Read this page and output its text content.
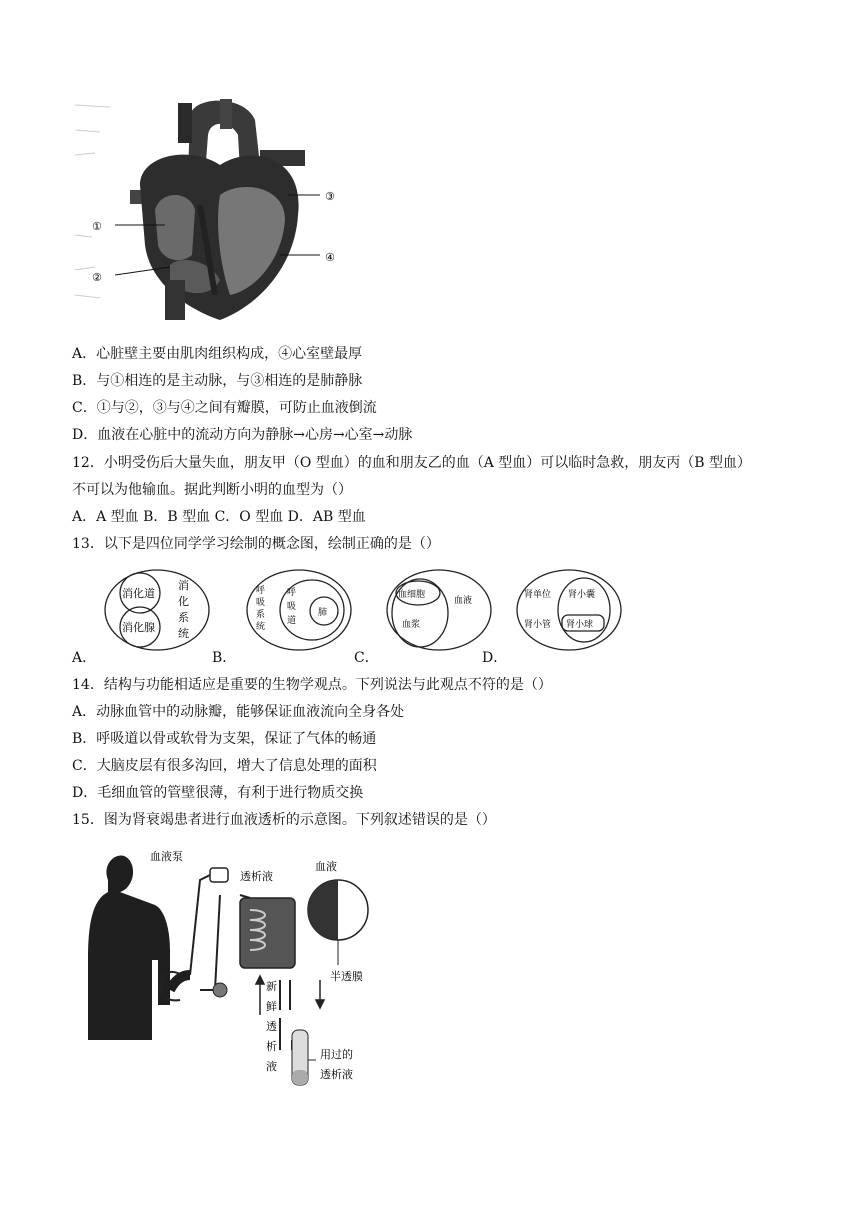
①
②
③
④
A．心脏壁主要由肌肉组织构成，④心室壁最厚
B．与①相连的是主动脉，与③相连的是肺静脉
C．①与②，③与④之间有瓣膜，可防止血液倒流
D．血液在心脏中的流动方向为静脉→心房→心室→动脉
12．小明受伤后大量失血，朋友甲（O 型血）的血和朋友乙的血（A 型血）可以临时急救，朋友丙（B 型血）
不可以为他输血。据此判断小明的血型为（）
A．A 型血 B．B 型血 C．O 型血 D．AB 型血
13．以下是四位同学学习绘制的概念图，绘制正确的是（）
A．
消化道
消化腺
消
化
系
统
B．
呼
吸
系
统
呼
吸
道
肺
C．
血细胞
血浆
血液
D．
肾单位
肾小管
肾小囊
肾小球
14．结构与功能相适应是重要的生物学观点。下列说法与此观点不符的是（）
A．动脉血管中的动脉瓣，能够保证血液流向全身各处
B．呼吸道以骨或软骨为支架，保证了气体的畅通
C．大脑皮层有很多沟回，增大了信息处理的面积
D．毛细血管的管壁很薄，有利于进行物质交换
15．图为肾衰竭患者进行血液透析的示意图。下列叙述错误的是（）
血液泵
透析液
血液
半透膜
新
鲜
透
析
液
用过的
透析液
